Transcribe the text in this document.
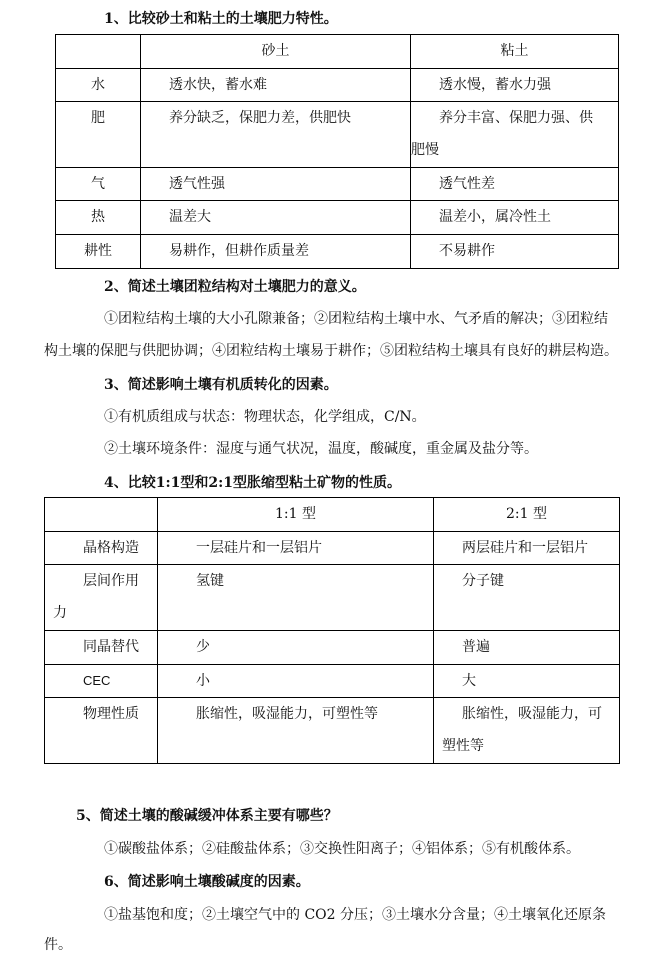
1、比较砂土和粘土的土壤肥力特性。
	砂土	粘土
水	透水快，蓄水难	透水慢，蓄水力强

肥	养分缺乏，保肥力差，供肥快	养分丰富、保肥力强、供
肥慢

气	透气性强	透气性差

热	温差大	温差小，属冷性土

耕性	易耕作，但耕作质量差	不易耕作
2、简述土壤团粒结构对土壤肥力的意义。
①团粒结构土壤的大小孔隙兼备；②团粒结构土壤中水、气矛盾的解决；③团粒结
构土壤的保肥与供肥协调；④团粒结构土壤易于耕作；⑤团粒结构土壤具有良好的耕层构造。
3、简述影响土壤有机质转化的因素。
①有机质组成与状态：物理状态，化学组成，C/N。
②土壤环境条件：湿度与通气状况，温度，酸碱度，重金属及盐分等。
4、比较1:1型和2:1型胀缩型粘土矿物的性质。
	1:1 型	2:1 型

晶格构造	一层硅片和一层铝片	两层硅片和一层铝片

层间作用
力	氢键	分子键

同晶替代	少	普遍

CEC	小	大

物理性质	胀缩性，吸湿能力，可塑性等	胀缩性，吸湿能力，可
塑性等
5、简述土壤的酸碱缓冲体系主要有哪些？
①碳酸盐体系；②硅酸盐体系；③交换性阳离子；④铝体系；⑤有机酸体系。
6、简述影响土壤酸碱度的因素。
①盐基饱和度；②土壤空气中的 CO2 分压；③土壤水分含量；④土壤氧化还原条
件。
